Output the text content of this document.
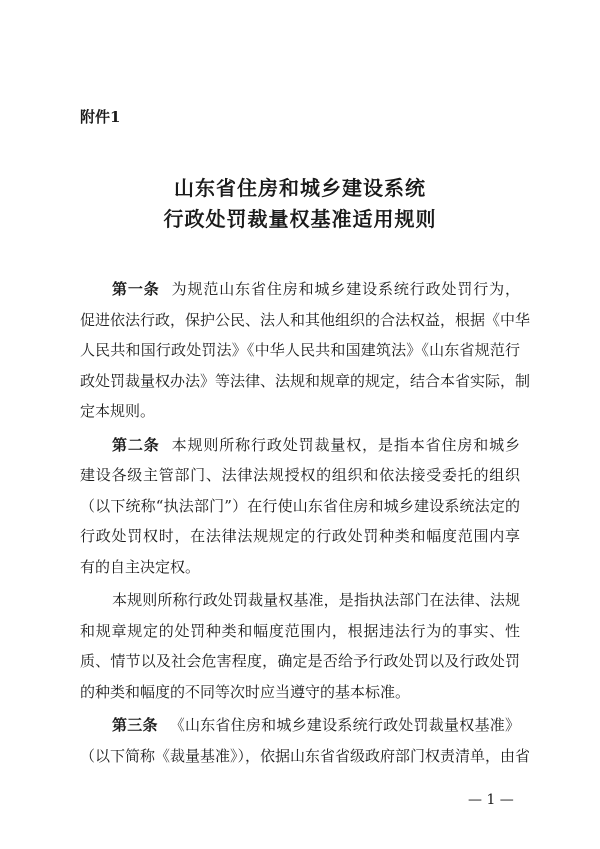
附件1
山东省住房和城乡建设系统
行政处罚裁量权基准适用规则
第一条 为规范山东省住房和城乡建设系统行政处罚行为，
促进依法行政，保护公民、法人和其他组织的合法权益，根据《中华
人民共和国行政处罚法》《中华人民共和国建筑法》《山东省规范行
政处罚裁量权办法》等法律、法规和规章的规定，结合本省实际，制
定本规则。
第二条 本规则所称行政处罚裁量权，是指本省住房和城乡
建设各级主管部门、法律法规授权的组织和依法接受委托的组织
（以下统称“执法部门”）在行使山东省住房和城乡建设系统法定的
行政处罚权时，在法律法规规定的行政处罚种类和幅度范围内享
有的自主决定权。
本规则所称行政处罚裁量权基准，是指执法部门在法律、法规
和规章规定的处罚种类和幅度范围内，根据违法行为的事实、性
质、情节以及社会危害程度，确定是否给予行政处罚以及行政处罚
的种类和幅度的不同等次时应当遵守的基本标准。
第三条 《山东省住房和城乡建设系统行政处罚裁量权基准》
（以下简称《裁量基准》），依据山东省省级政府部门权责清单，由省
— 1 —
